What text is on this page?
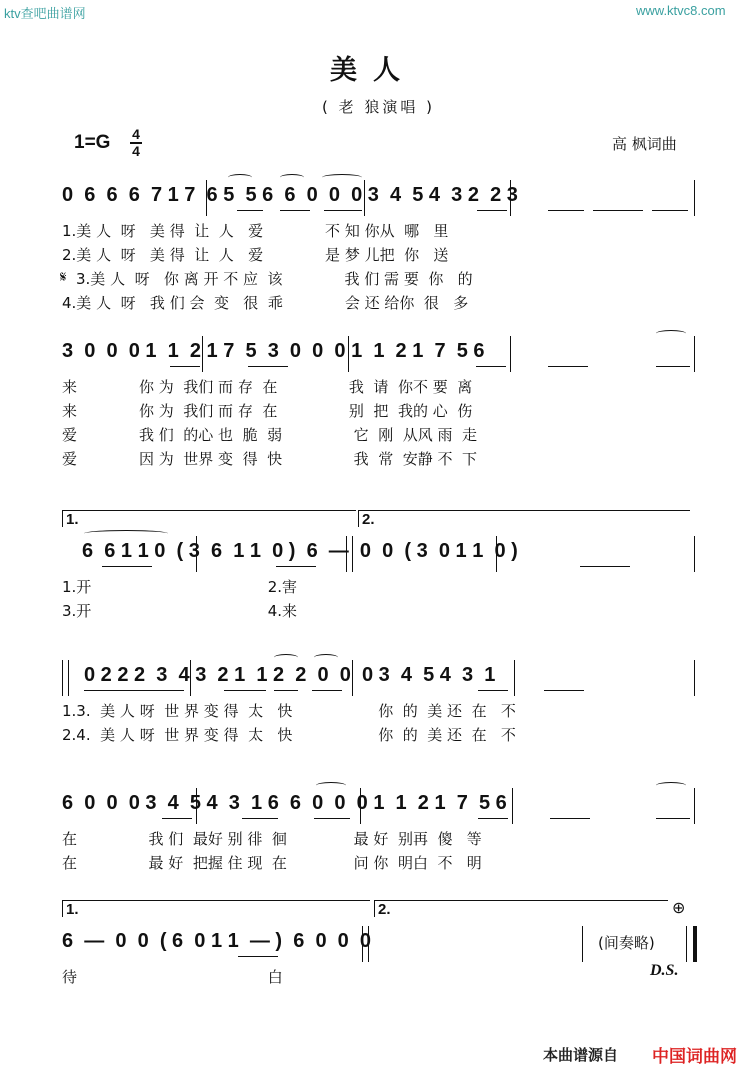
ktv查吧曲谱网	www.ktvc8.com
美人
( 老 狼演唱 )
1=G 4
4	高 枫词曲
0  6  6  6  7 1 7  6 5  5 6  6  0  0  0 3  4  5 4  3 2  2 3
1.美 人  呀   美 得  让  人   爱             不 知 你从  哪   里
2.美 人  呀   美 得  让  人   爱             是 梦 儿把  你   送
3.美 人  呀   你 离 开 不 应  该             我 们 需 要  你   的
𝄋
4.美 人  呀   我 们 会  变   很  乖             会 还 给你  很   多
3  0  0  0 1  1  2 1 7  5  3  0  0  0 1  1  2 1  7  5 6
来             你 为  我们 而 存  在               我  请  你不 要  离
来             你 为  我们 而 存  在               别  把  我的 心  伤
爱             我 们  的心 也  脆  弱               它  刚  从风 雨  走
爱             因 为  世界 变  得  快               我  常  安静 不  下
1.	2.
6  6 1 1 0  ( 3  6  1 1  0 )  6  —  0  0  ( 3  0 1 1  0 )
1.开                                     2.害
3.开                                     4.来
0 2 2 2  3  4 3  2 1  1 2  2  0  0  0 3  4  5 4  3  1
1.3.  美 人 呀  世 界 变 得  太   快                  你  的  美 还  在   不
2.4.  美 人 呀  世 界 变 得  太   快                  你  的  美 还  在   不
6  0  0  0 3  4  5 4  3  1 6  6  0  0  0 1  1  2 1  7  5 6
在               我 们  最好 别 徘  徊              最 好  别再  傻   等
在               最 好  把握 住 现  在              问 你  明白  不   明
1.	2.	⊕
6  —  0  0  ( 6  0 1 1  — )  6  0  0  0	(间奏略)
待                                        白	D.S.
本曲谱源自 中国词曲网
